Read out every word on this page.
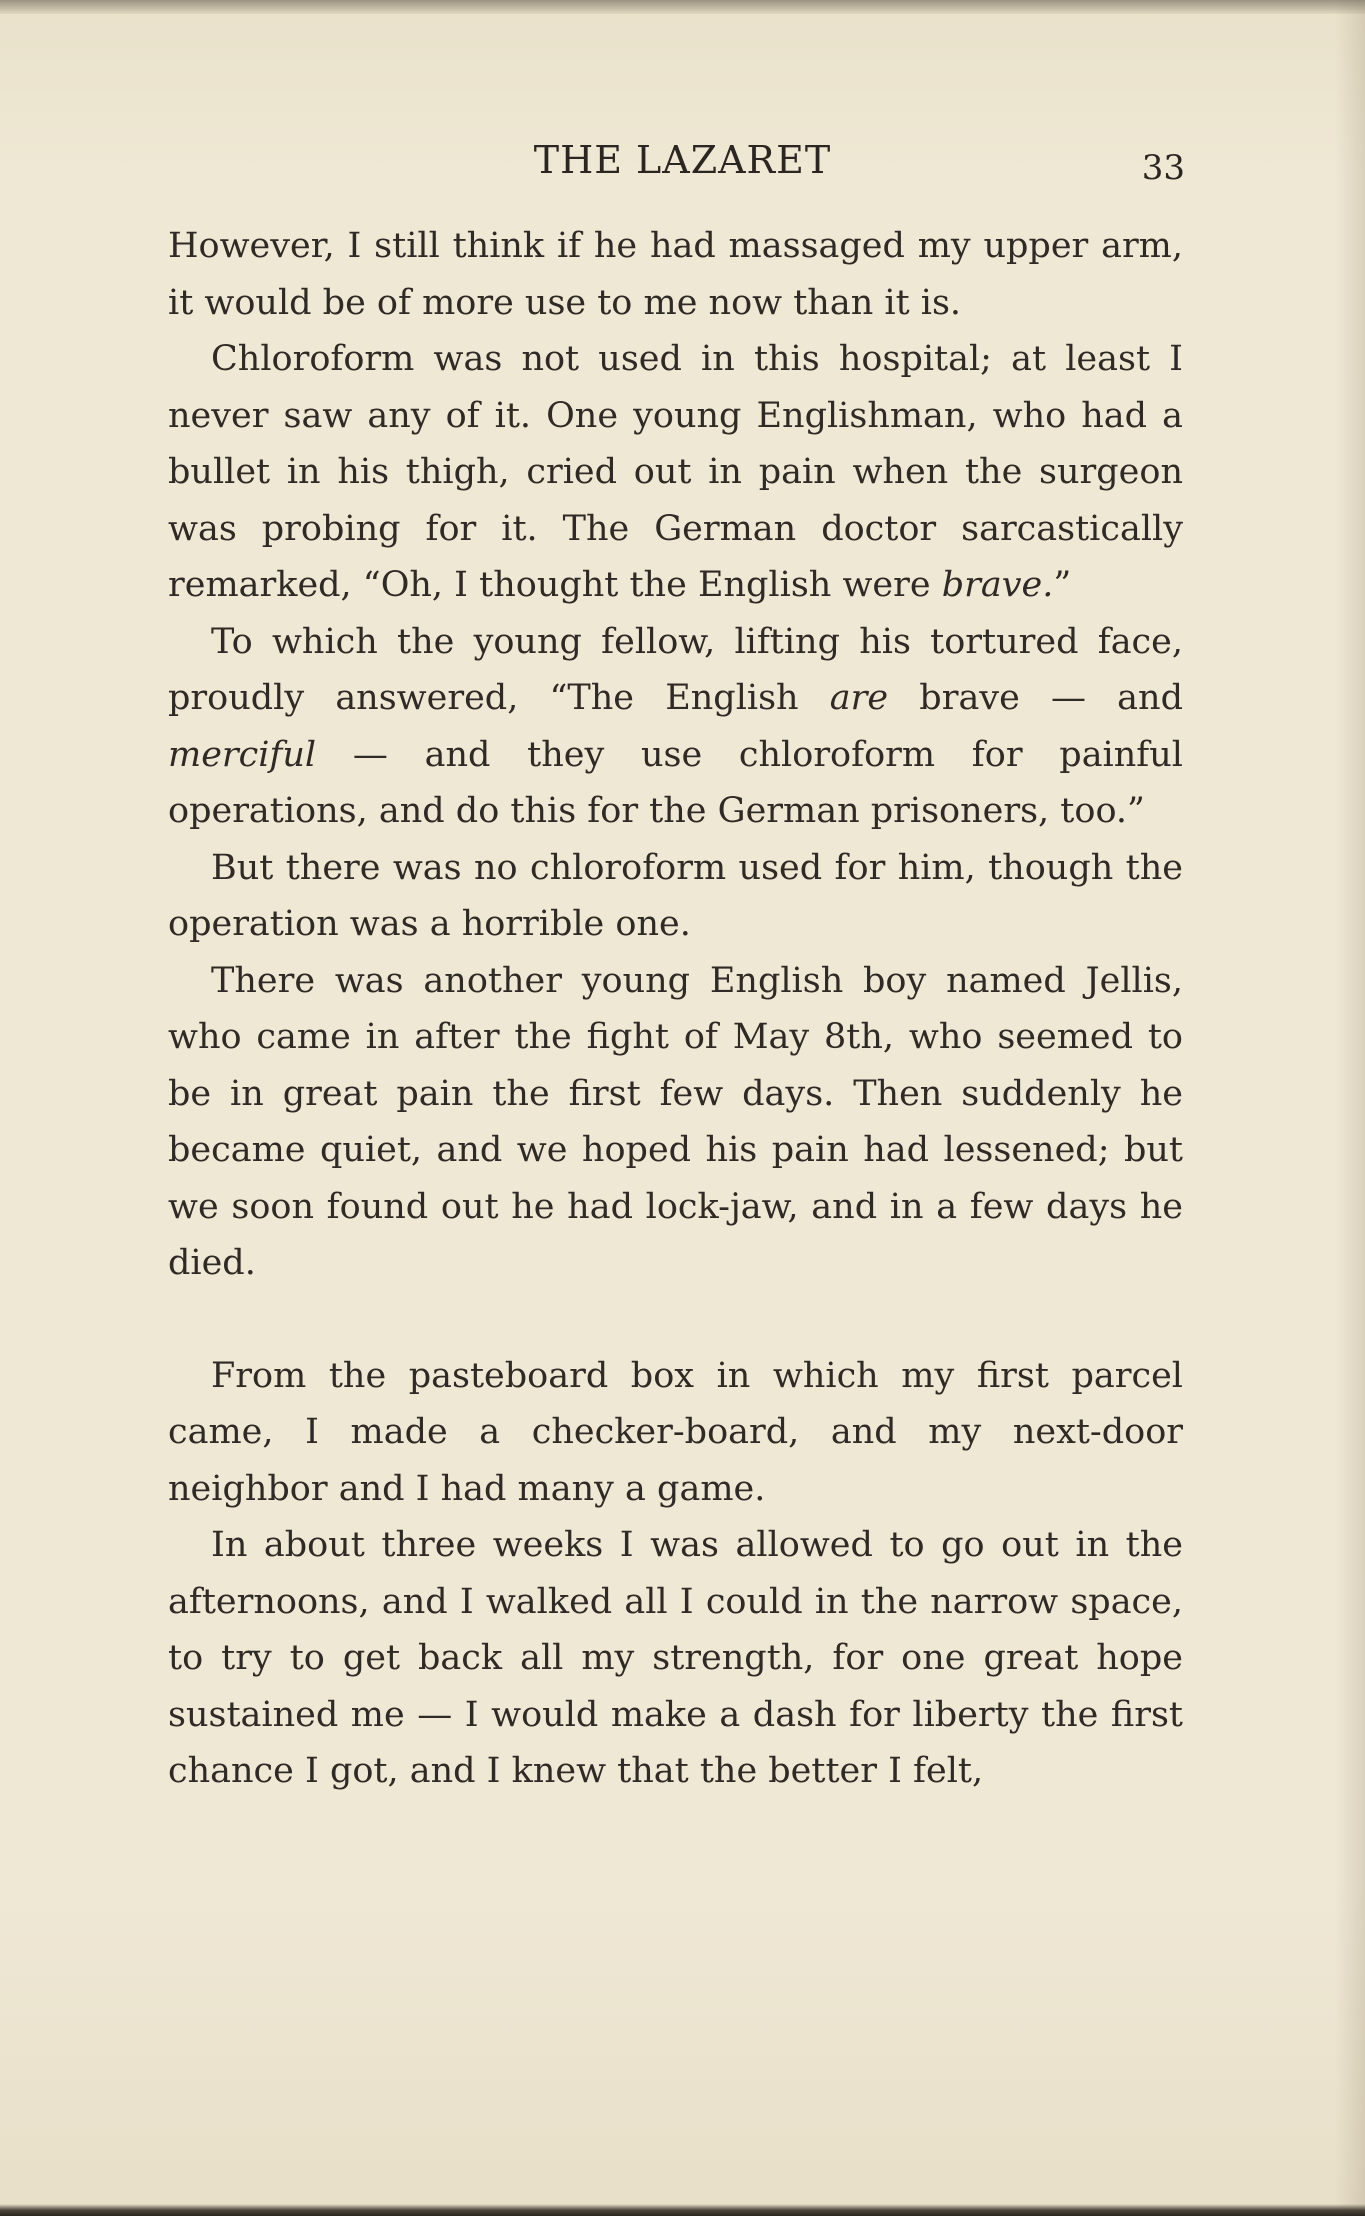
THE LAZARET	33

However, I still think if he had massaged my upper arm, it would be of more use to me now than it is.

Chloroform was not used in this hospital; at least I never saw any of it. One young Englishman, who had a bullet in his thigh, cried out in pain when the surgeon was probing for it. The German doctor sarcastically remarked, “Oh, I thought the English were brave.”

To which the young fellow, lifting his tortured face, proudly answered, “The English are brave — and merciful — and they use chloroform for painful operations, and do this for the German prisoners, too.”

But there was no chloroform used for him, though the operation was a horrible one.

There was another young English boy named Jellis, who came in after the fight of May 8th, who seemed to be in great pain the first few days. Then suddenly he became quiet, and we hoped his pain had lessened; but we soon found out he had lock-jaw, and in a few days he died.

From the pasteboard box in which my first parcel came, I made a checker-board, and my next-door neighbor and I had many a game.

In about three weeks I was allowed to go out in the afternoons, and I walked all I could in the narrow space, to try to get back all my strength, for one great hope sustained me — I would make a dash for liberty the first chance I got, and I knew that the better I felt,
